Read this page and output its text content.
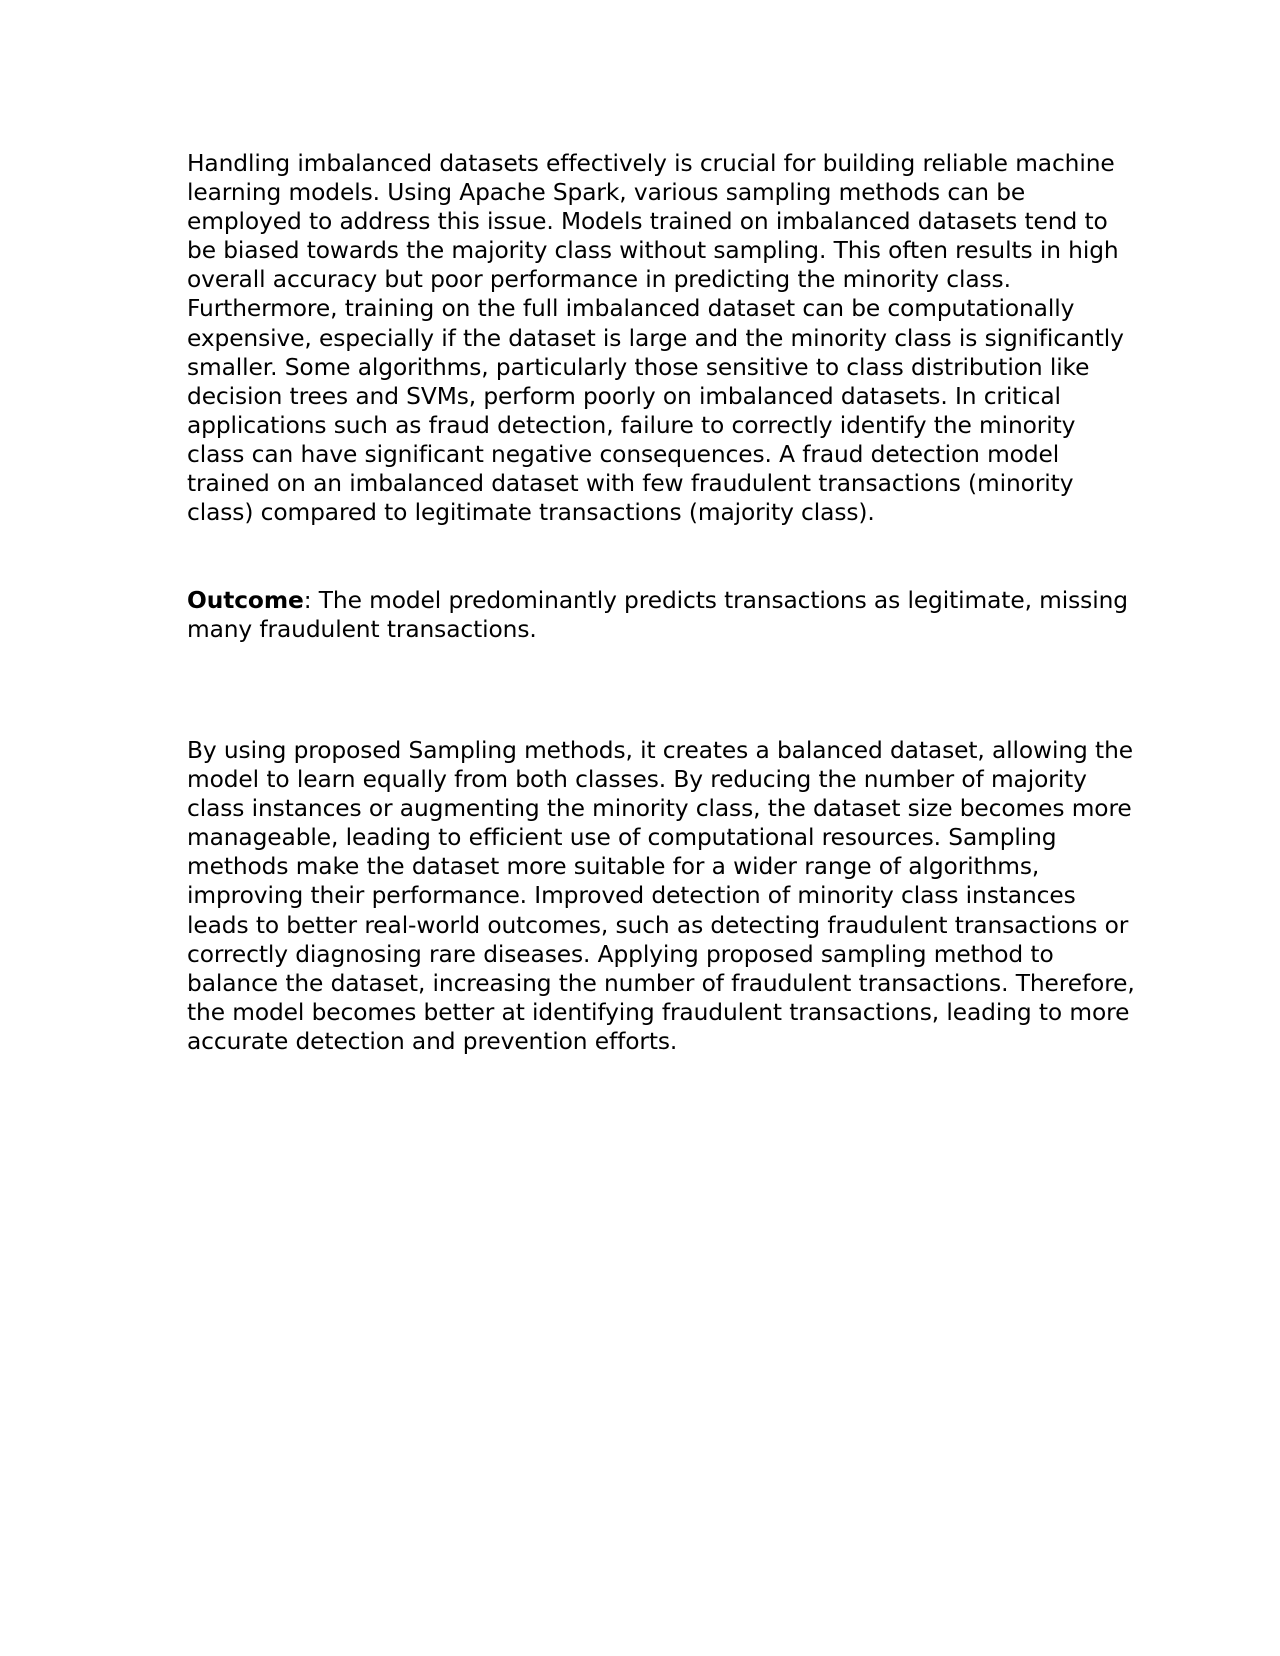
Handling imbalanced datasets effectively is crucial for building reliable machine learning models. Using Apache Spark, various sampling methods can be employed to address this issue. Models trained on imbalanced datasets tend to be biased towards the majority class without sampling. This often results in high overall accuracy but poor performance in predicting the minority class. Furthermore, training on the full imbalanced dataset can be computationally expensive, especially if the dataset is large and the minority class is significantly smaller. Some algorithms, particularly those sensitive to class distribution like decision trees and SVMs, perform poorly on imbalanced datasets. In critical applications such as fraud detection, failure to correctly identify the minority class can have significant negative consequences. A fraud detection model trained on an imbalanced dataset with few fraudulent transactions (minority class) compared to legitimate transactions (majority class).

Outcome: The model predominantly predicts transactions as legitimate, missing many fraudulent transactions.

By using proposed Sampling methods, it creates a balanced dataset, allowing the model to learn equally from both classes. By reducing the number of majority class instances or augmenting the minority class, the dataset size becomes more manageable, leading to efficient use of computational resources. Sampling methods make the dataset more suitable for a wider range of algorithms, improving their performance. Improved detection of minority class instances leads to better real-world outcomes, such as detecting fraudulent transactions or correctly diagnosing rare diseases. Applying proposed sampling method to balance the dataset, increasing the number of fraudulent transactions. Therefore, the model becomes better at identifying fraudulent transactions, leading to more accurate detection and prevention efforts.
